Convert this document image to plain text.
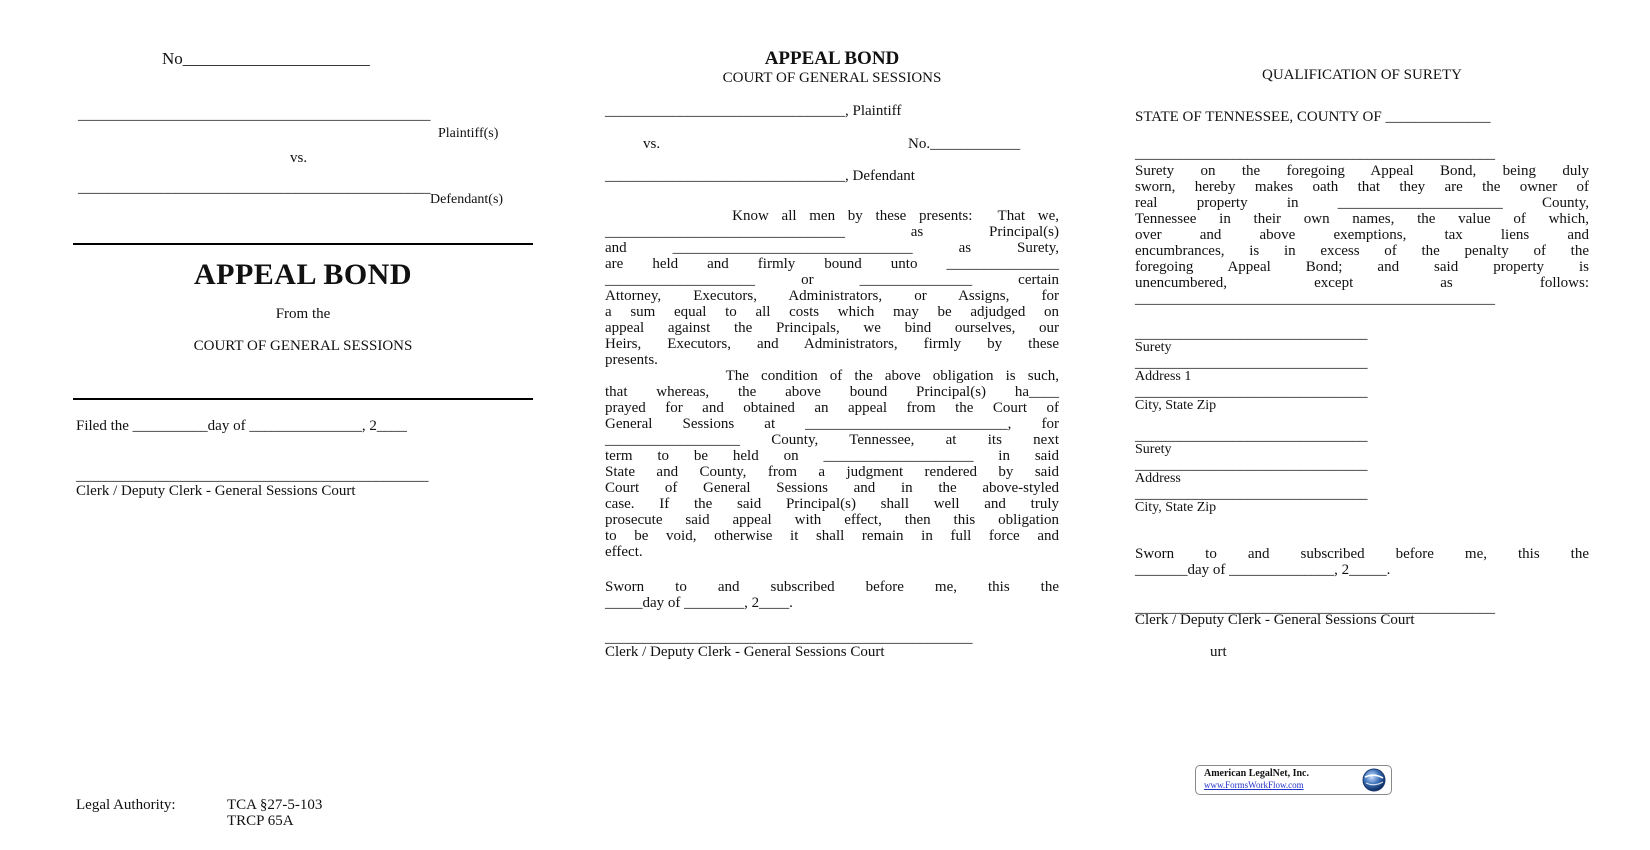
No______________________
_______________________________________________
Plaintiff(s)
vs.
_______________________________________________
Defendant(s)
APPEAL BOND
From the
COURT OF GENERAL SESSIONS
Filed the __________day of _______________, 2____
_______________________________________________
Clerk / Deputy Clerk - General Sessions Court
Legal Authority:	TCA §27-5-103
TRCP 65A
APPEAL BOND
COURT OF GENERAL SESSIONS
________________________________, Plaintiff
vs.	No.____________
________________________________, Defendant
Know all men by these presents:  That we,
________________________________ as Principal(s)
and ________________________________ as Surety,
are held and firmly bound unto _______________
____________________ or _______________ certain
Attorney, Executors, Administrators, or Assigns, for
a sum equal to all costs which may be adjudged on
appeal against the Principals, we bind ourselves, our
Heirs, Executors, and Administrators, firmly by these
presents.
The condition of the above obligation is such,
that whereas, the above bound Principal(s) ha____
prayed for and obtained an appeal from the Court of
General Sessions at ___________________________, for
__________________ County, Tennessee, at its next
term to be held on ____________________ in said
State and County, from a judgment rendered by said
Court of General Sessions and in the above-styled
case. If the said Principal(s) shall well and truly
prosecute said appeal with effect, then this obligation
to be void, otherwise it shall remain in full force and
effect.
Sworn to and subscribed before me, this the
_____day of ________, 2____.
_________________________________________________
Clerk / Deputy Clerk - General Sessions Court
QUALIFICATION OF SURETY
STATE OF TENNESSEE, COUNTY OF ______________
________________________________________________
Surety on the foregoing Appeal Bond, being duly
sworn, hereby makes oath that they are the owner of
real property in ______________________ County,
Tennessee in their own names, the value of which,
over and above exemptions, tax liens and
encumbrances, is in excess of the penalty of the
foregoing Appeal Bond; and said property is
unencumbered, except as follows:
________________________________________________
_______________________________
Surety
_______________________________
Address 1
_______________________________
City, State Zip
_______________________________
Surety
_______________________________
Address
_______________________________
City, State Zip
Sworn to and subscribed before me, this the
_______day of ______________, 2_____.
________________________________________________
Clerk / Deputy Clerk - General Sessions Court
urt
American LegalNet, Inc.
www.FormsWorkFlow.com
